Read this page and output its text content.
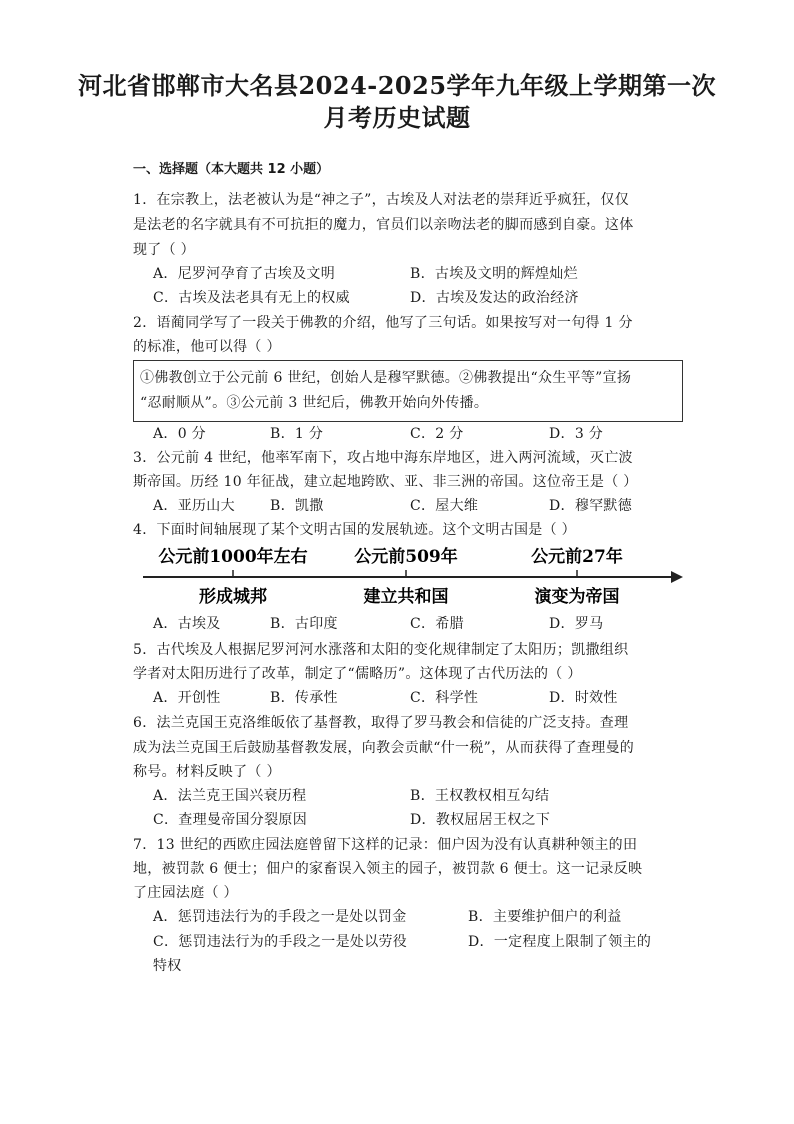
河北省邯郸市大名县2024-2025学年九年级上学期第一次
月考历史试题
一、选择题（本大题共 12 小题）
1．在宗教上，法老被认为是“神之子”，古埃及人对法老的崇拜近乎疯狂，仅仅
是法老的名字就具有不可抗拒的魔力，官员们以亲吻法老的脚而感到自豪。这体
现了（ ）
A．尼罗河孕育了古埃及文明	B．古埃及文明的辉煌灿烂
C．古埃及法老具有无上的权威	D．古埃及发达的政治经济
2．语蔺同学写了一段关于佛教的介绍，他写了三句话。如果按写对一句得 1 分
的标准，他可以得（ ）
①佛教创立于公元前 6 世纪，创始人是穆罕默德。②佛教提出“众生平等”宣扬
“忍耐顺从”。③公元前 3 世纪后，佛教开始向外传播。
A．0 分	B．1 分	C．2 分	D．3 分
3．公元前 4 世纪，他率军南下，攻占地中海东岸地区，进入两河流域，灭亡波
斯帝国。历经 10 年征战，建立起地跨欧、亚、非三洲的帝国。这位帝王是（ ）
A．亚历山大	B．凯撒	C．屋大维	D．穆罕默德
4．下面时间轴展现了某个文明古国的发展轨迹。这个文明古国是（ ）
公元前1000年左右	公元前509年	公元前27年
形成城邦	建立共和国	演变为帝国
A．古埃及	B．古印度	C．希腊	D．罗马
5．古代埃及人根据尼罗河河水涨落和太阳的变化规律制定了太阳历；凯撒组织
学者对太阳历进行了改革，制定了“儒略历”。这体现了古代历法的（ ）
A．开创性	B．传承性	C．科学性	D．时效性
6．法兰克国王克洛维皈依了基督教，取得了罗马教会和信徒的广泛支持。查理
成为法兰克国王后鼓励基督教发展，向教会贡献“什一税”，从而获得了查理曼的
称号。材料反映了（ ）
A．法兰克王国兴衰历程	B．王权教权相互勾结
C．查理曼帝国分裂原因	D．教权屈居王权之下
7．13 世纪的西欧庄园法庭曾留下这样的记录：佃户因为没有认真耕种领主的田
地，被罚款 6 便士；佃户的家畜误入领主的园子，被罚款 6 便士。这一记录反映
了庄园法庭（ ）
A．惩罚违法行为的手段之一是处以罚金	B．主要维护佃户的利益
C．惩罚违法行为的手段之一是处以劳役	D．一定程度上限制了领主的
特权
